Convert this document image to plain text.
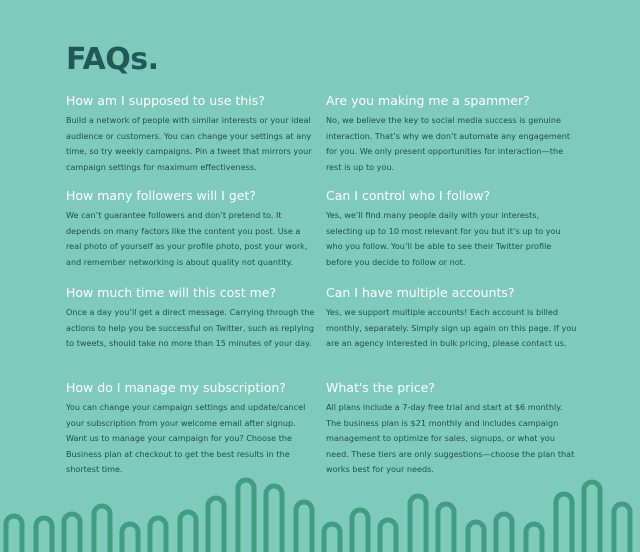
FAQs.
How am I supposed to use this?

Build a network of people with similar interests or your ideal audience or customers. You can change your settings at any time, so try weekly campaigns. Pin a tweet that mirrors your campaign settings for maximum effectiveness.

Are you making me a spammer?

No, we believe the key to social media success is genuine interaction. That’s why we don’t automate any engagement for you. We only present opportunities for interaction—the rest is up to you.

How many followers will I get?

We can’t guarantee followers and don’t pretend to. It depends on many factors like the content you post. Use a real photo of yourself as your profile photo, post your work, and remember networking is about quality not quantity.

Can I control who I follow?

Yes, we’ll find many people daily with your interests, selecting up to 10 most relevant for you but it’s up to you who you follow. You’ll be able to see their Twitter profile before you decide to follow or not.

How much time will this cost me?

Once a day you’ll get a direct message. Carrying through the actions to help you be successful on Twitter, such as replying to tweets, should take no more than 15 minutes of your day.

Can I have multiple accounts?

Yes, we support multiple accounts! Each account is billed monthly, separately. Simply sign up again on this page. If you are an agency interested in bulk pricing, please contact us.

How do I manage my subscription?

You can change your campaign settings and update/cancel your subscription from your welcome email after signup. Want us to manage your campaign for you? Choose the Business plan at checkout to get the best results in the shortest time.

What's the price?

All plans include a 7-day free trial and start at $6 monthly. The business plan is $21 monthly and includes campaign management to optimize for sales, signups, or what you need. These tiers are only suggestions—choose the plan that works best for your needs.
